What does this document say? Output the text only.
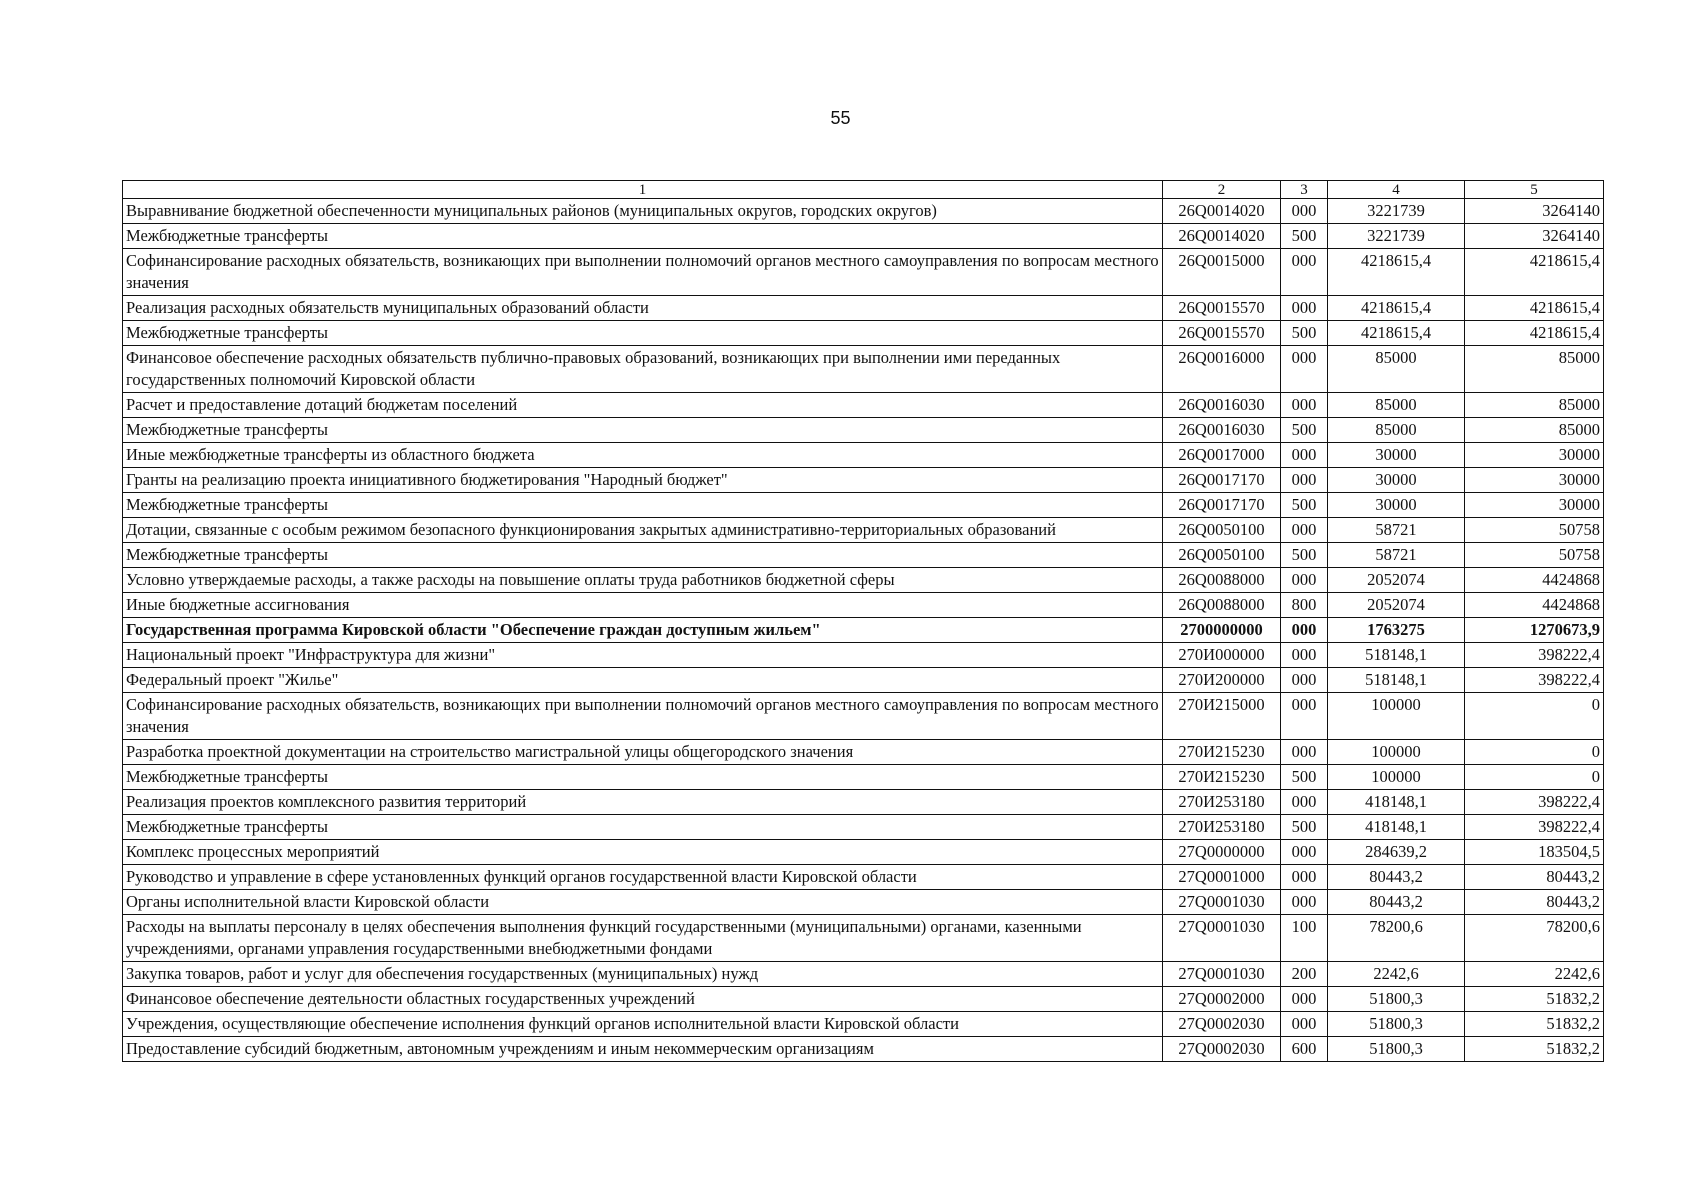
55
1	2	3	4	5
Выравнивание бюджетной обеспеченности муниципальных районов (муниципальных округов, городских округов)	26Q0014020	000	3221739	3264140
Межбюджетные трансферты	26Q0014020	500	3221739	3264140
Софинансирование расходных обязательств, возникающих при выполнении полномочий органов местного самоуправления по вопросам местного значения	26Q0015000	000	4218615,4	4218615,4
Реализация расходных обязательств муниципальных образований области	26Q0015570	000	4218615,4	4218615,4
Межбюджетные трансферты	26Q0015570	500	4218615,4	4218615,4
Финансовое обеспечение расходных обязательств публично-правовых образований, возникающих при выполнении ими переданных государственных полномочий Кировской области	26Q0016000	000	85000	85000
Расчет и предоставление дотаций бюджетам поселений	26Q0016030	000	85000	85000
Межбюджетные трансферты	26Q0016030	500	85000	85000
Иные межбюджетные трансферты из областного бюджета	26Q0017000	000	30000	30000
Гранты на реализацию проекта инициативного бюджетирования "Народный бюджет"	26Q0017170	000	30000	30000
Межбюджетные трансферты	26Q0017170	500	30000	30000
Дотации, связанные с особым режимом безопасного функционирования закрытых административно-территориальных образований	26Q0050100	000	58721	50758
Межбюджетные трансферты	26Q0050100	500	58721	50758
Условно утверждаемые расходы, а также расходы на повышение оплаты труда работников бюджетной сферы	26Q0088000	000	2052074	4424868
Иные бюджетные ассигнования	26Q0088000	800	2052074	4424868
Государственная программа Кировской области "Обеспечение граждан доступным жильем"	2700000000	000	1763275	1270673,9
Национальный проект "Инфраструктура для жизни"	270И000000	000	518148,1	398222,4
Федеральный проект "Жилье"	270И200000	000	518148,1	398222,4
Софинансирование расходных обязательств, возникающих при выполнении полномочий органов местного самоуправления по вопросам местного значения	270И215000	000	100000	0
Разработка проектной документации на строительство магистральной улицы общегородского значения	270И215230	000	100000	0
Межбюджетные трансферты	270И215230	500	100000	0
Реализация проектов комплексного развития территорий	270И253180	000	418148,1	398222,4
Межбюджетные трансферты	270И253180	500	418148,1	398222,4
Комплекс процессных мероприятий	27Q0000000	000	284639,2	183504,5
Руководство и управление в сфере установленных функций органов государственной власти Кировской области	27Q0001000	000	80443,2	80443,2
Органы исполнительной власти Кировской области	27Q0001030	000	80443,2	80443,2
Расходы на выплаты персоналу в целях обеспечения выполнения функций государственными (муниципальными) органами, казенными учреждениями, органами управления государственными внебюджетными фондами	27Q0001030	100	78200,6	78200,6
Закупка товаров, работ и услуг для обеспечения государственных (муниципальных) нужд	27Q0001030	200	2242,6	2242,6
Финансовое обеспечение деятельности областных государственных учреждений	27Q0002000	000	51800,3	51832,2
Учреждения, осуществляющие обеспечение исполнения функций органов исполнительной власти Кировской области	27Q0002030	000	51800,3	51832,2
Предоставление субсидий бюджетным, автономным учреждениям и иным некоммерческим организациям	27Q0002030	600	51800,3	51832,2
